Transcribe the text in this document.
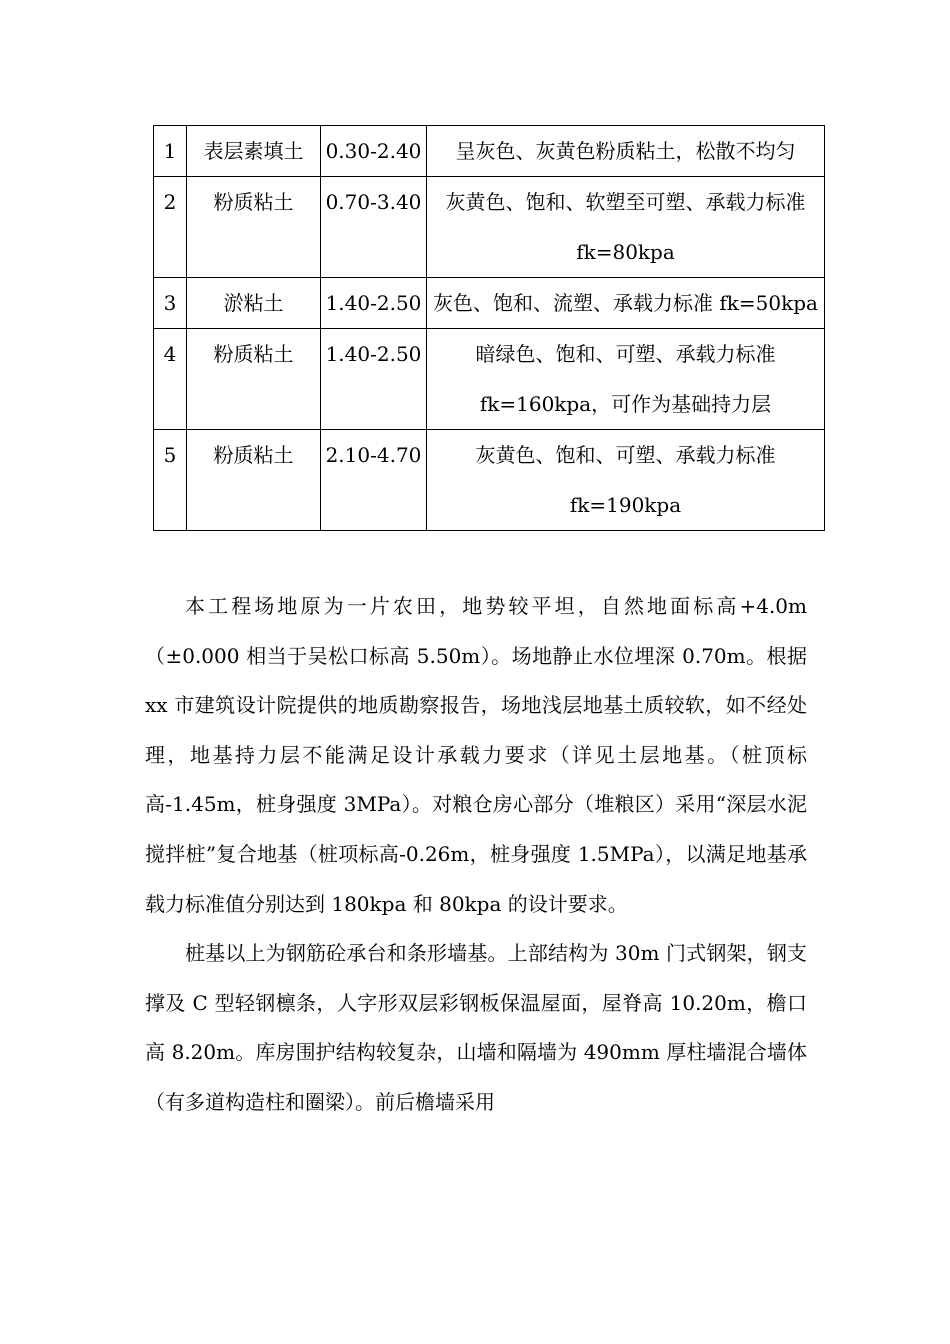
1	表层素填土	0.30-2.40	呈灰色、灰黄色粉质粘土，松散不均匀
2	粉质粘土	0.70-3.40	灰黄色、饱和、软塑至可塑、承载力标准 fk=80kpa
3	淤粘土	1.40-2.50	灰色、饱和、流塑、承载力标准 fk=50kpa
4	粉质粘土	1.40-2.50	暗绿色、饱和、可塑、承载力标准 fk=160kpa，可作为基础持力层
5	粉质粘土	2.10-4.70	灰黄色、饱和、可塑、承载力标准 fk=190kpa

本工程场地原为一片农田，地势较平坦，自然地面标高+4.0m（±0.000 相当于吴松口标高 5.50m）。场地静止水位埋深 0.70m。根据 xx 市建筑设计院提供的地质勘察报告，场地浅层地基土质较软，如不经处理，地基持力层不能满足设计承载力要求（详见土层地基。（桩顶标高-1.45m，桩身强度 3MPa）。对粮仓房心部分（堆粮区）采用“深层水泥搅拌桩”复合地基（桩项标高-0.26m，桩身强度 1.5MPa），以满足地基承载力标准值分别达到 180kpa 和 80kpa 的设计要求。

桩基以上为钢筋砼承台和条形墙基。上部结构为 30m 门式钢架，钢支撑及 C 型轻钢檩条，人字形双层彩钢板保温屋面，屋脊高 10.20m，檐口高 8.20m。库房围护结构较复杂，山墙和隔墙为 490mm 厚柱墙混合墙体（有多道构造柱和圈梁）。前后檐墙采用
